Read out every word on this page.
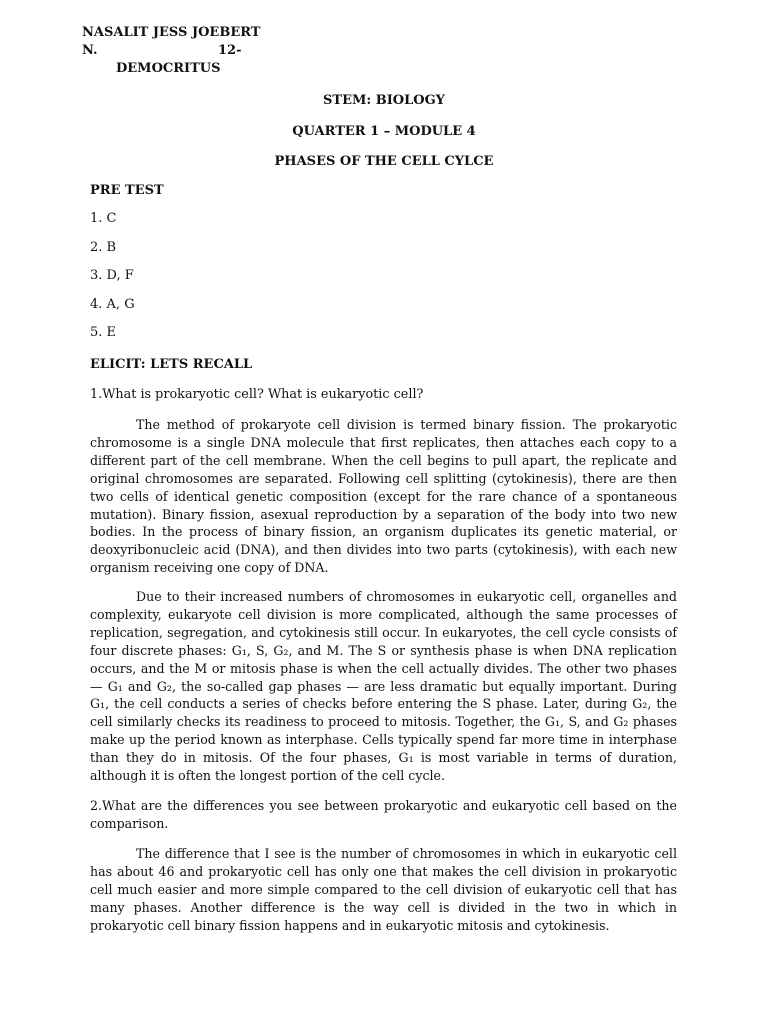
NASALIT JESS JOEBERT
N.	12-
DEMOCRITUS
STEM: BIOLOGY
QUARTER 1 – MODULE 4
PHASES OF THE CELL CYLCE
PRE TEST
1. C
2. B
3. D, F
4. A, G
5. E
ELICIT: LETS RECALL
1.What is prokaryotic cell? What is eukaryotic cell?

The method of prokaryote cell division is termed binary fission. The prokaryotic chromosome is a single DNA molecule that first replicates, then attaches each copy to a different part of the cell membrane. When the cell begins to pull apart, the replicate and original chromosomes are separated. Following cell splitting (cytokinesis), there are then two cells of identical genetic composition (except for the rare chance of a spontaneous mutation). Binary fission, asexual reproduction by a separation of the body into two new bodies. In the process of binary fission, an organism duplicates its genetic material, or deoxyribonucleic acid (DNA), and then divides into two parts (cytokinesis), with each new organism receiving one copy of DNA.

Due to their increased numbers of chromosomes in eukaryotic cell, organelles and complexity, eukaryote cell division is more complicated, although the same processes of replication, segregation, and cytokinesis still occur. In eukaryotes, the cell cycle consists of four discrete phases: G₁, S, G₂, and M. The S or synthesis phase is when DNA replication occurs, and the M or mitosis phase is when the cell actually divides. The other two phases — G₁ and G₂, the so-called gap phases — are less dramatic but equally important. During G₁, the cell conducts a series of checks before entering the S phase. Later, during G₂, the cell similarly checks its readiness to proceed to mitosis. Together, the G₁, S, and G₂ phases make up the period known as interphase. Cells typically spend far more time in interphase than they do in mitosis. Of the four phases, G₁ is most variable in terms of duration, although it is often the longest portion of the cell cycle.

2.What are the differences you see between prokaryotic and eukaryotic cell based on the comparison.

The difference that I see is the number of chromosomes in which in eukaryotic cell has about 46 and prokaryotic cell has only one that makes the cell division in prokaryotic cell much easier and more simple compared to the cell division of eukaryotic cell that has many phases. Another difference is the way cell is divided in the two in which in prokaryotic cell binary fission happens and in eukaryotic mitosis and cytokinesis.
